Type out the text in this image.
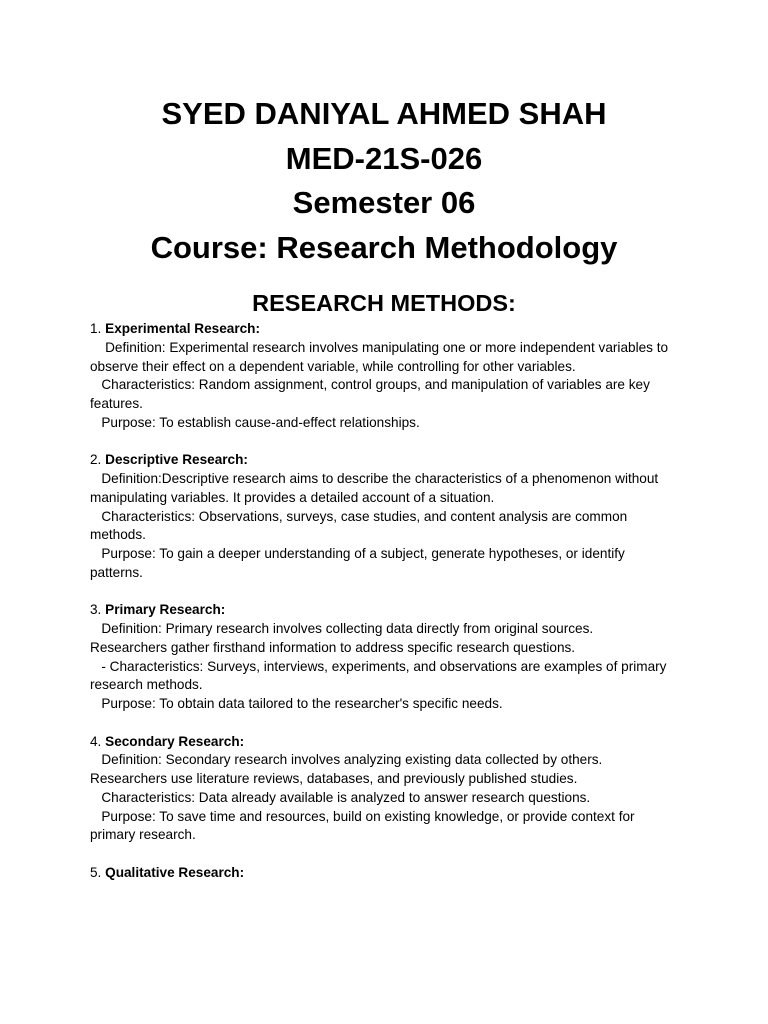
SYED DANIYAL AHMED SHAH
MED-21S-026
Semester 06
Course: Research Methodology
RESEARCH METHODS:
1. Experimental Research:
Definition: Experimental research involves manipulating one or more independent variables to
observe their effect on a dependent variable, while controlling for other variables.
Characteristics: Random assignment, control groups, and manipulation of variables are key
features.
Purpose: To establish cause-and-effect relationships.
2. Descriptive Research:
Definition:Descriptive research aims to describe the characteristics of a phenomenon without
manipulating variables. It provides a detailed account of a situation.
Characteristics: Observations, surveys, case studies, and content analysis are common
methods.
Purpose: To gain a deeper understanding of a subject, generate hypotheses, or identify
patterns.
3. Primary Research:
Definition: Primary research involves collecting data directly from original sources.
Researchers gather firsthand information to address specific research questions.
- Characteristics: Surveys, interviews, experiments, and observations are examples of primary
research methods.
Purpose: To obtain data tailored to the researcher's specific needs.
4. Secondary Research:
Definition: Secondary research involves analyzing existing data collected by others.
Researchers use literature reviews, databases, and previously published studies.
Characteristics: Data already available is analyzed to answer research questions.
Purpose: To save time and resources, build on existing knowledge, or provide context for
primary research.
5. Qualitative Research:
